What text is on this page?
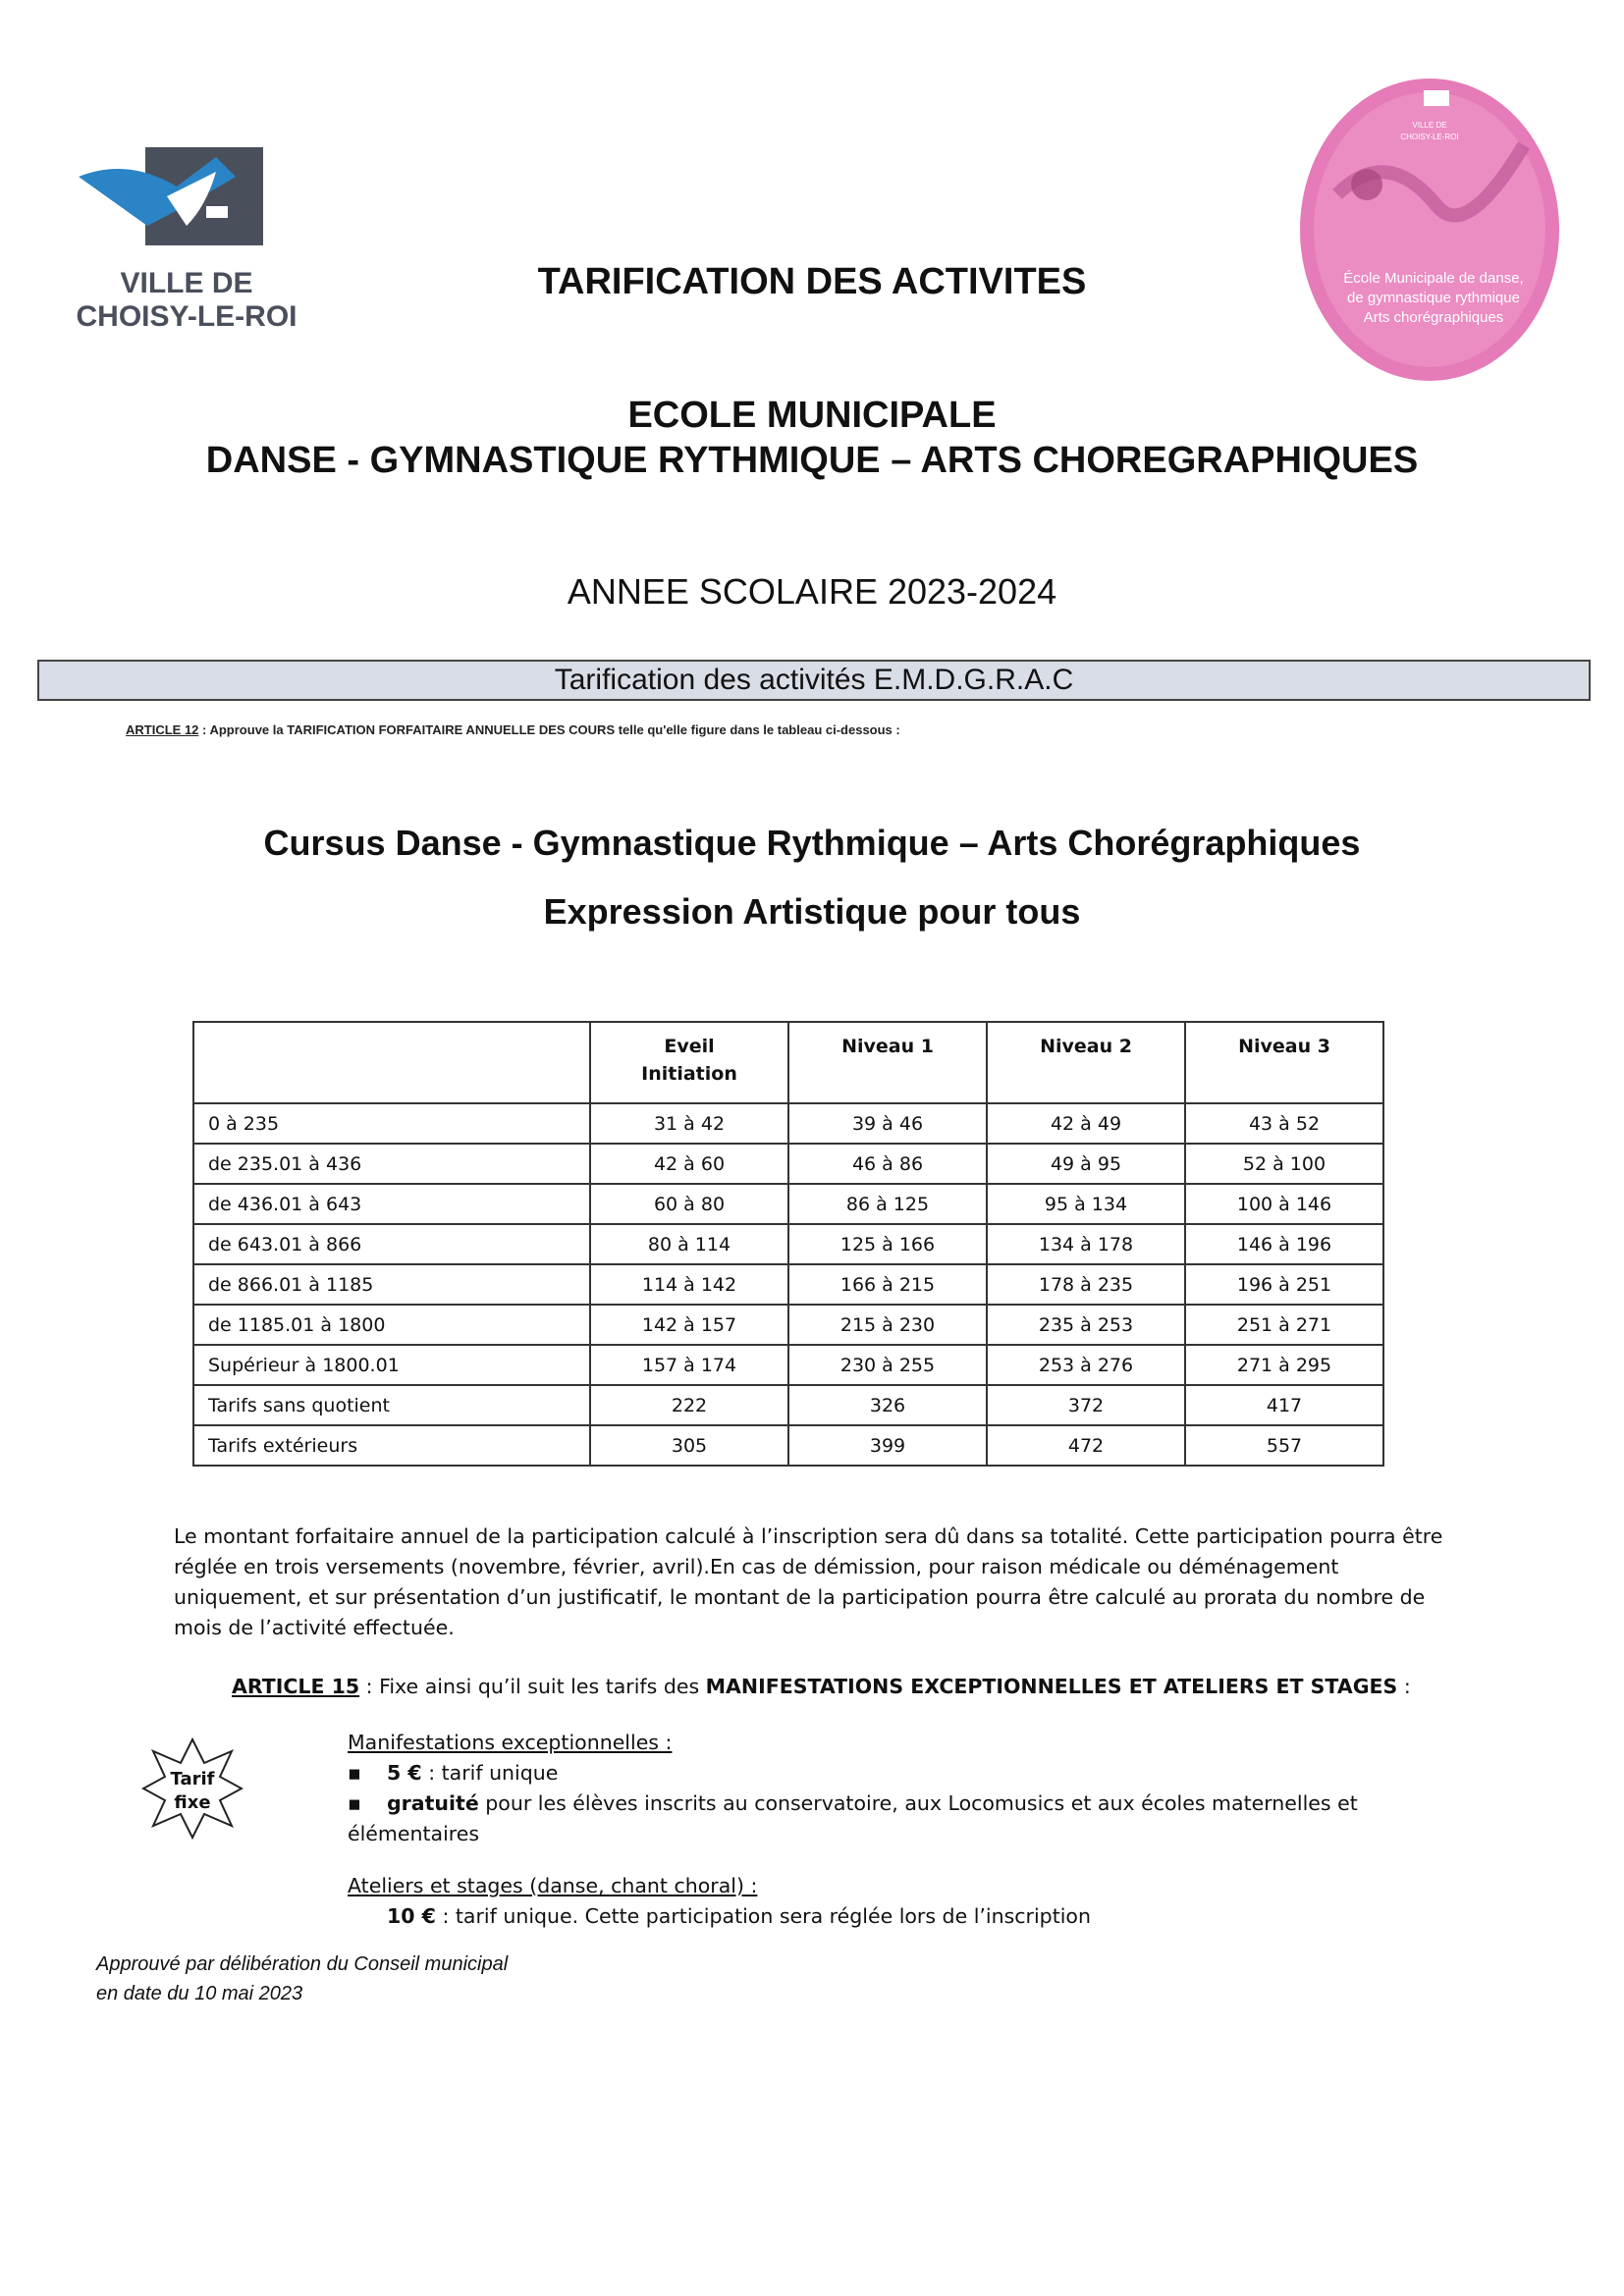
VILLE DE
CHOISY-LE-ROI
VILLE DE
CHOISY-LE-ROI
École Municipale de danse,
de gymnastique rythmique
Arts chorégraphiques
TARIFICATION DES ACTIVITES
ECOLE MUNICIPALE
DANSE - GYMNASTIQUE RYTHMIQUE – ARTS CHOREGRAPHIQUES
ANNEE SCOLAIRE 2023-2024
Tarification des activités E.M.D.G.R.A.C
ARTICLE 12 : Approuve la TARIFICATION FORFAITAIRE ANNUELLE DES COURS telle qu'elle figure dans le tableau ci-dessous :
Cursus Danse - Gymnastique Rythmique – Arts Chorégraphiques
Expression Artistique pour tous
	Eveil Initiation	Niveau 1	Niveau 2	Niveau 3
0 à 235	31 à 42	39 à 46	42 à 49	43 à 52
de 235.01 à 436	42 à 60	46 à 86	49 à 95	52 à 100
de 436.01 à 643	60 à 80	86 à 125	95 à 134	100 à 146
de 643.01 à 866	80 à 114	125 à 166	134 à 178	146 à 196
de 866.01 à 1185	114 à 142	166 à 215	178 à 235	196 à 251
de 1185.01 à 1800	142 à 157	215 à 230	235 à 253	251 à 271
Supérieur à 1800.01	157 à 174	230 à 255	253 à 276	271 à 295
Tarifs sans quotient	222	326	372	417
Tarifs extérieurs	305	399	472	557
Le montant forfaitaire annuel de la participation calculé à l’inscription sera dû dans sa totalité. Cette participation pourra être réglée en trois versements (novembre, février, avril).En cas de démission, pour raison médicale ou déménagement uniquement, et sur présentation d’un justificatif, le montant de la participation pourra être calculé au prorata du nombre de mois de l’activité effectuée.
ARTICLE 15 : Fixe ainsi qu’il suit les tarifs des MANIFESTATIONS EXCEPTIONNELLES ET ATELIERS ET STAGES :
Tarif
fixe
Manifestations exceptionnelles :
▪ 5 € : tarif unique
▪ gratuité pour les élèves inscrits au conservatoire, aux Locomusics et aux écoles maternelles et élémentaires
Ateliers et stages (danse, chant choral) :
10 € : tarif unique. Cette participation sera réglée lors de l’inscription
Approuvé par délibération du Conseil municipal
en date du 10 mai 2023
